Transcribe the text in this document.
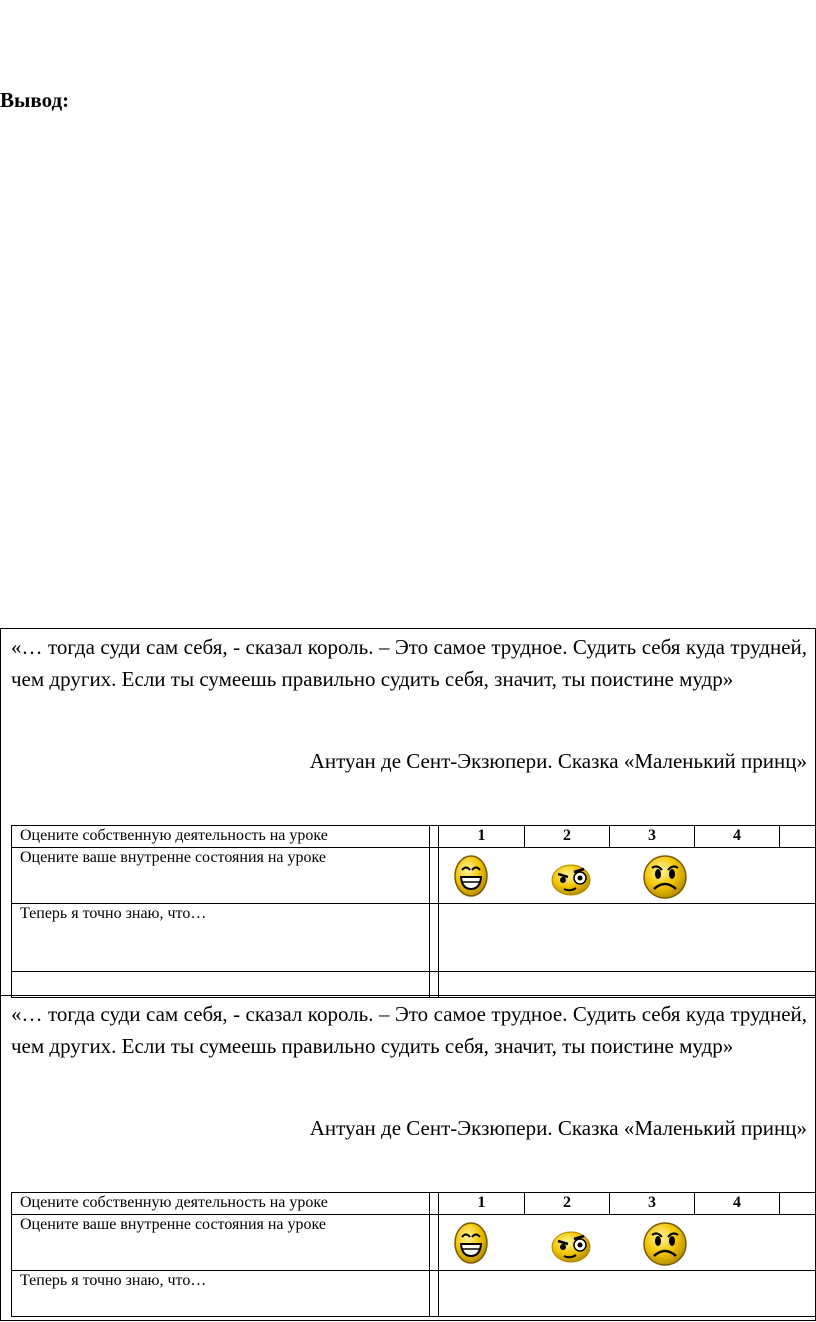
Вывод:
«… тогда суди сам себя, - сказал король. – Это самое трудное. Судить себя куда трудней, чем других. Если ты сумеешь правильно судить себя, значит, ты поистине мудр»
Антуан де Сент-Экзюпери. Сказка «Маленький принц»
Оцените собственную деятельность на уроке		1	2	3	4	
Оцените ваше внутренне состояния на уроке		

Теперь я точно знаю, что…						

«… тогда суди сам себя, - сказал король. – Это самое трудное. Судить себя куда трудней, чем других. Если ты сумеешь правильно судить себя, значит, ты поистине мудр»
Антуан де Сент-Экзюпери. Сказка «Маленький принц»
Оцените собственную деятельность на уроке		1	2	3	4	
Оцените ваше внутренне состояния на уроке		

Теперь я точно знаю, что…						
